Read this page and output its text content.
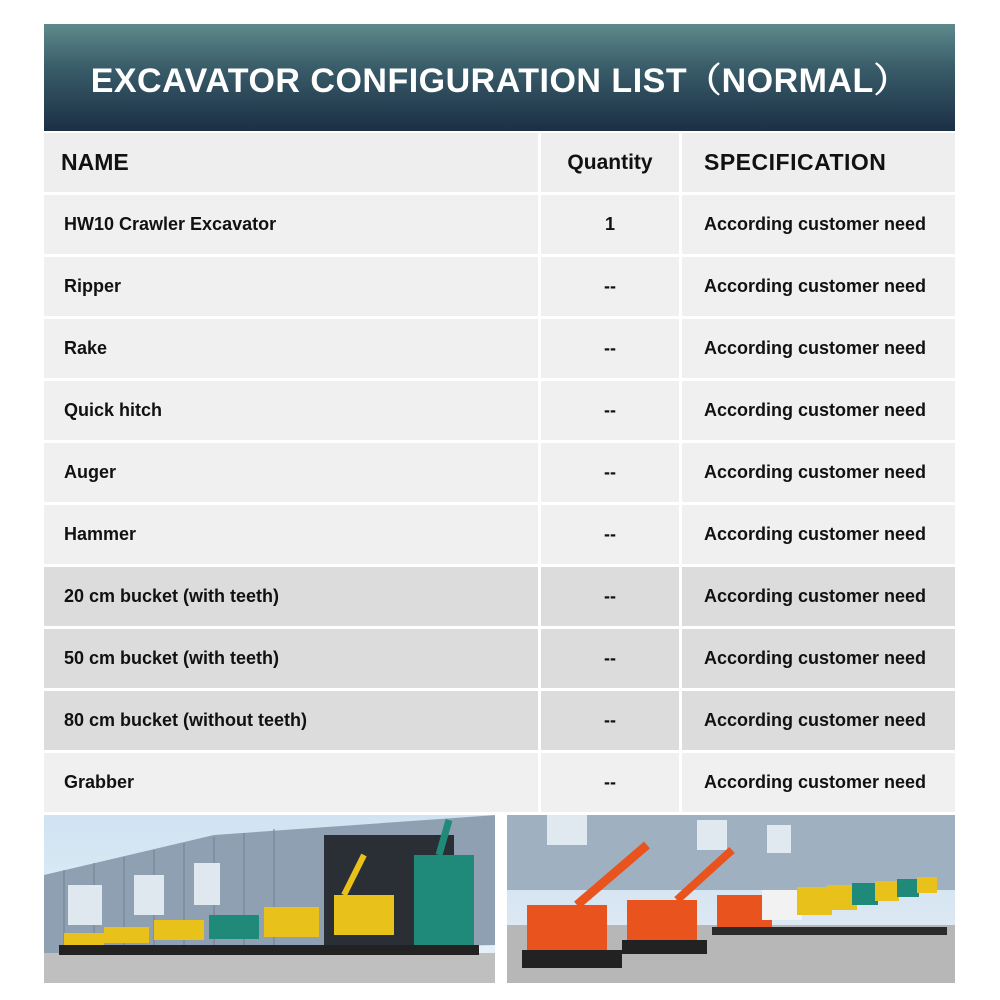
EXCAVATOR CONFIGURATION LIST（NORMAL）
NAME	Quantity SPECIFICATION
HW10 Crawler Excavator	1	According customer need
Ripper	--	According customer need
Rake	--	According customer need
Quick hitch	--	According customer need
Auger	--	According customer need
Hammer	--	According customer need
20 cm bucket (with teeth)	--	According customer need
50 cm bucket (with teeth)	--	According customer need
80 cm bucket (without teeth)	--	According customer need
Grabber	--	According customer need
